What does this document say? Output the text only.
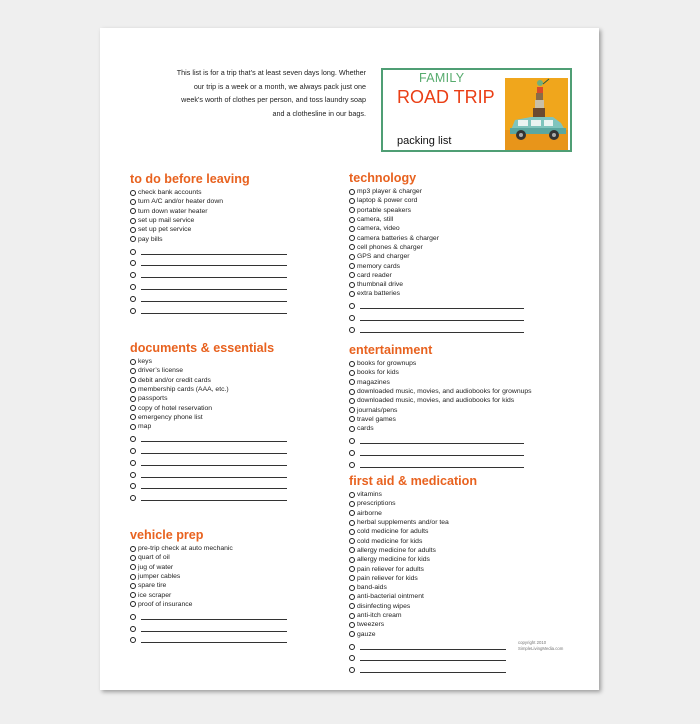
This list is for a trip that’s at least seven days long. Whether
our trip is a week or a month, we always pack just one
week’s worth of clothes per person, and toss laundry soap
and a clothesline in our bags.
FAMILY
ROAD TRIP
packing list
to do before leaving
check bank accounts
turn A/C and/or heater down
turn down water heater
set up mail service
set up pet service
pay bills
documents & essentials
keys
driver’s license
debit and/or credit cards
membership cards (AAA, etc.)
passports
copy of hotel reservation
emergency phone list
map
vehicle prep
pre-trip check at auto mechanic
quart of oil
jug of water
jumper cables
spare tire
ice scraper
proof of insurance
technology
mp3 player & charger
laptop & power cord
portable speakers
camera, still
camera, video
camera batteries & charger
cell phones & charger
GPS and charger
memory cards
card reader
thumbnail drive
extra batteries
entertainment
books for grownups
books for kids
magazines
downloaded music, movies, and audiobooks for grownups
downloaded music, movies, and audiobooks for kids
journals/pens
travel games
cards
first aid & medication
vitamins
prescriptions
airborne
herbal supplements and/or tea
cold medicine for adults
cold medicine for kids
allergy medicine for adults
allergy medicine for kids
pain reliever for adults
pain reliever for kids
band-aids
anti-bacterial ointment
disinfecting wipes
anti-itch cream
tweezers
gauze
copyright 2010
SimpleLivingMedia.com
